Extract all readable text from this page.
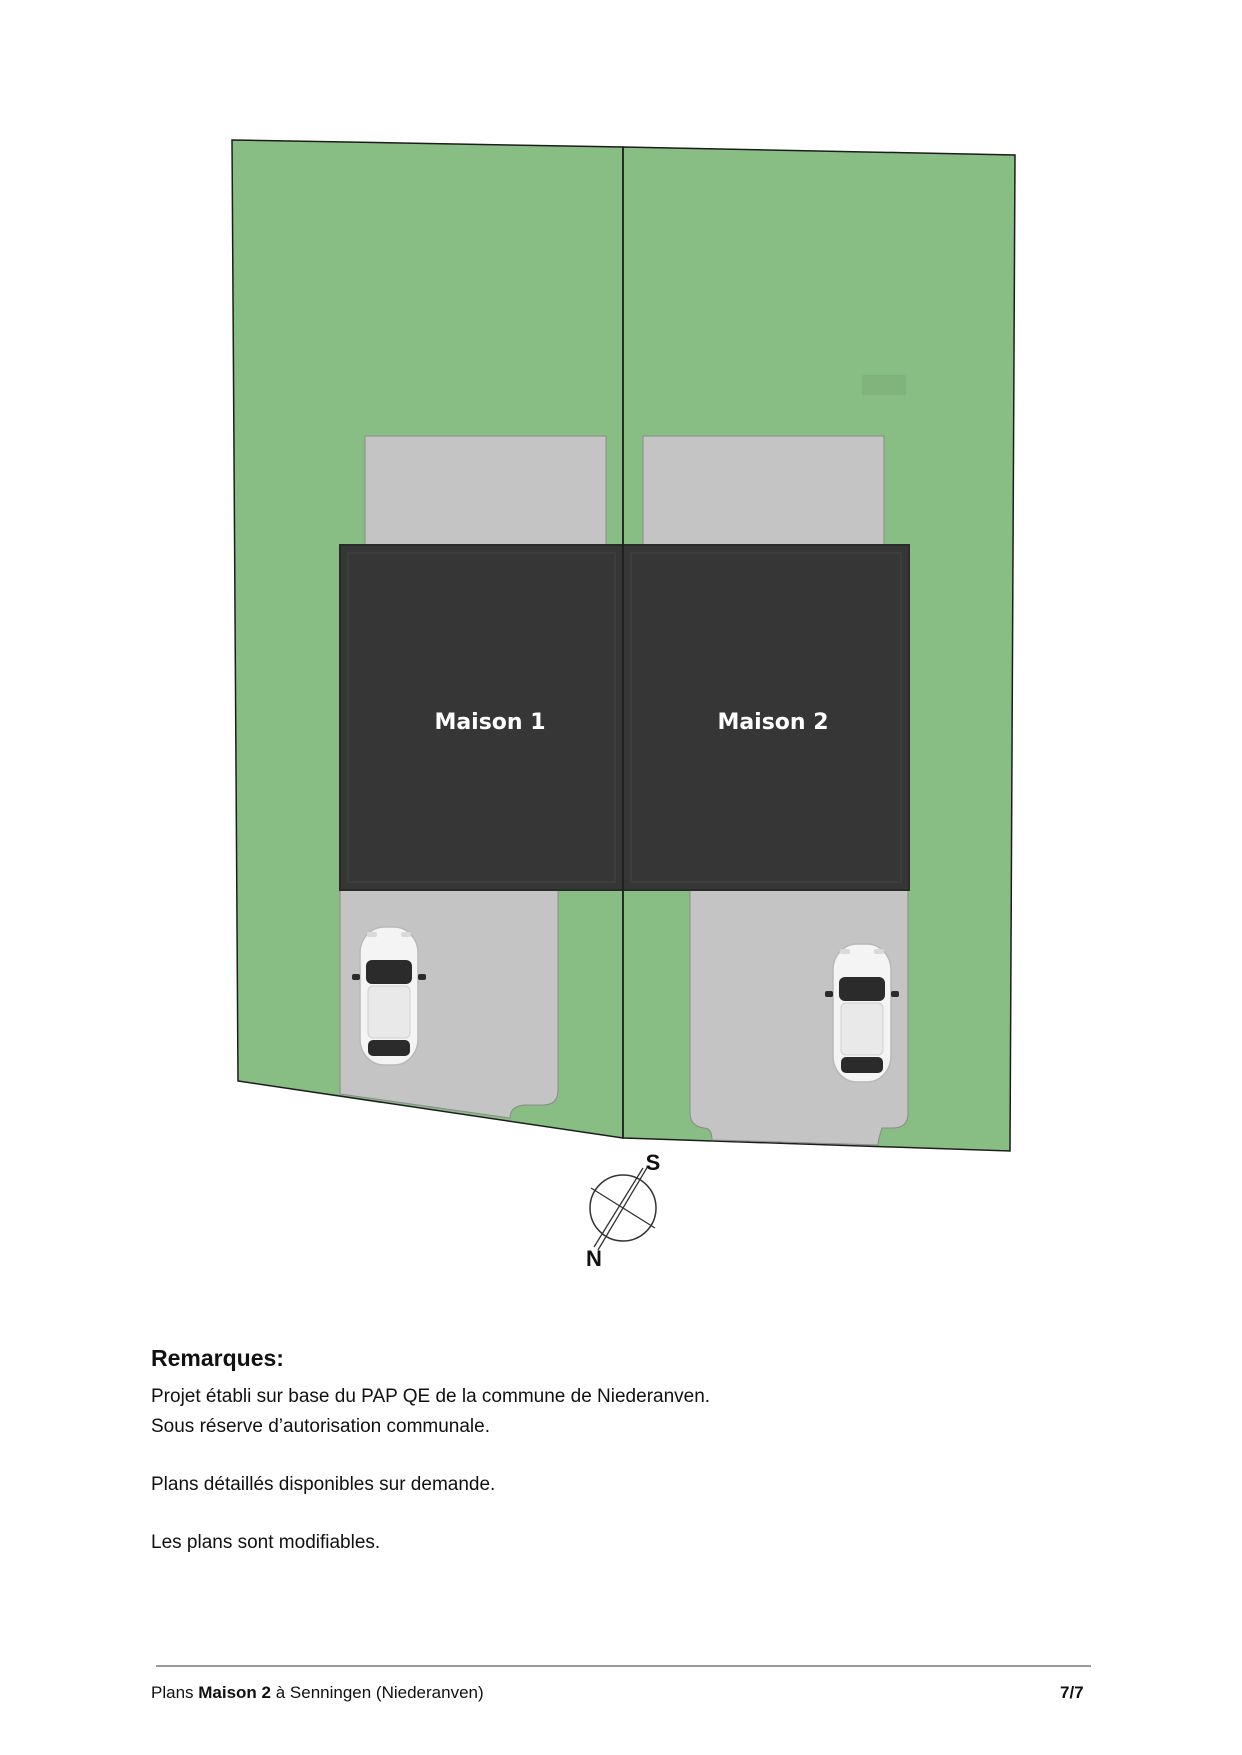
Maison 1	Maison 2
S
N
Remarques:

Projet établi sur base du PAP QE de la commune de Niederanven.

Sous réserve d’autorisation communale.

Plans détaillés disponibles sur demande.

Les plans sont modifiables.

Plans Maison 2 à Senningen (Niederanven)	7/7
